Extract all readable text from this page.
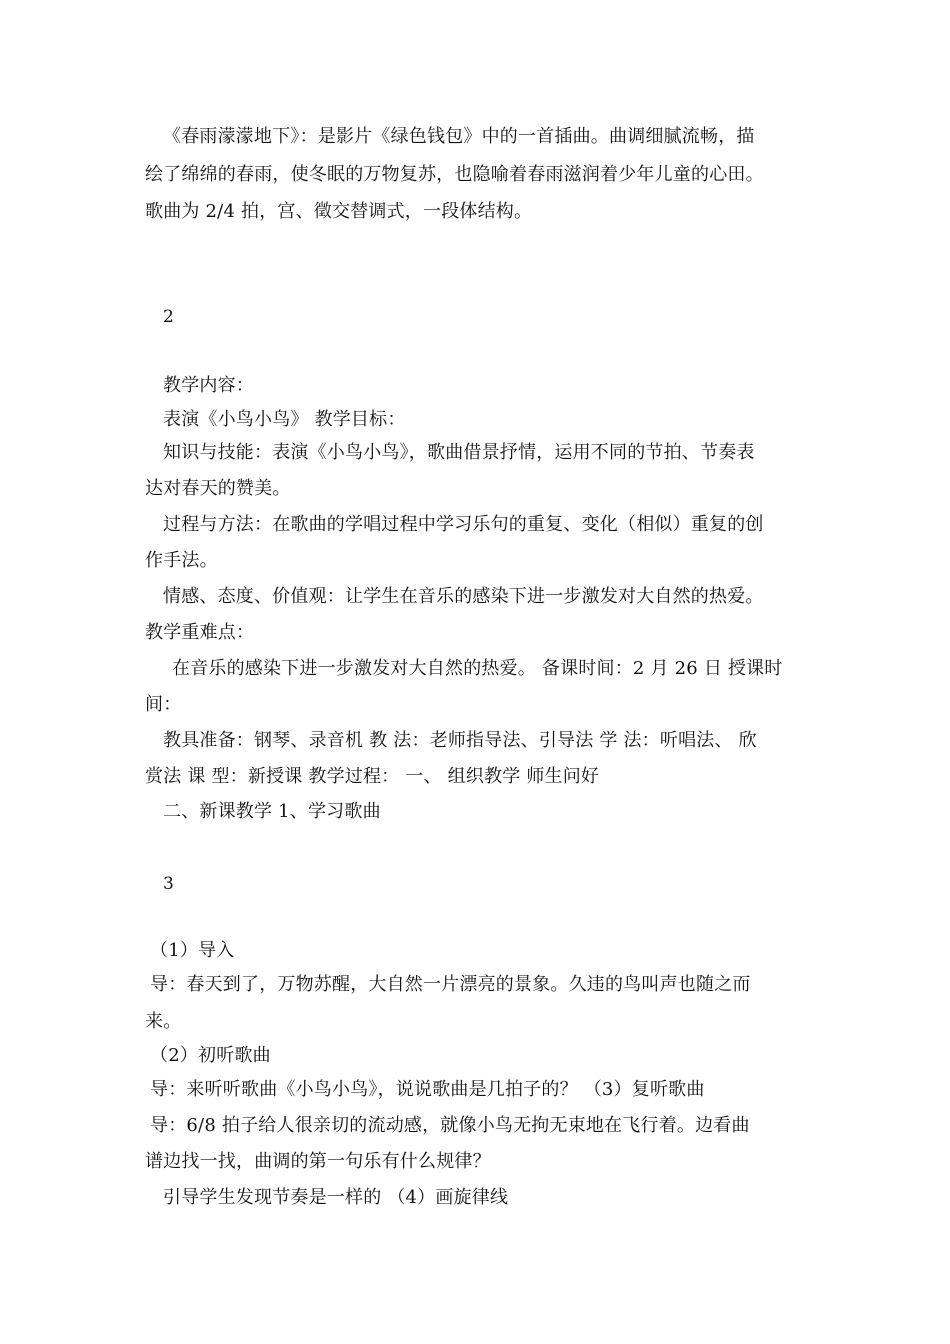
《春雨濛濛地下》：是影片《绿色钱包》中的一首插曲。曲调细腻流畅，描
绘了绵绵的春雨，使冬眠的万物复苏，也隐喻着春雨滋润着少年儿童的心田。
歌曲为 2/4 拍，宫、徵交替调式，一段体结构。
2
教学内容：
表演《小鸟小鸟》 教学目标：
知识与技能：表演《小鸟小鸟》，歌曲借景抒情，运用不同的节拍、节奏表
达对春天的赞美。
过程与方法：在歌曲的学唱过程中学习乐句的重复、变化（相似）重复的创
作手法。
情感、态度、价值观：让学生在音乐的感染下进一步激发对大自然的热爱。
教学重难点：
在音乐的感染下进一步激发对大自然的热爱。 备课时间：2 月 26 日 授课时
间：
教具准备：钢琴、录音机 教 法：老师指导法、引导法 学 法：听唱法、 欣
赏法 课 型：新授课 教学过程： 一、 组织教学 师生问好
二、新课教学 1、学习歌曲
3
（1）导入
导：春天到了，万物苏醒，大自然一片漂亮的景象。久违的鸟叫声也随之而
来。
（2）初听歌曲
导：来听听歌曲《小鸟小鸟》，说说歌曲是几拍子的？ （3）复听歌曲
导：6/8 拍子给人很亲切的流动感，就像小鸟无拘无束地在飞行着。边看曲
谱边找一找，曲调的第一句乐有什么规律？
引导学生发现节奏是一样的 （4）画旋律线
